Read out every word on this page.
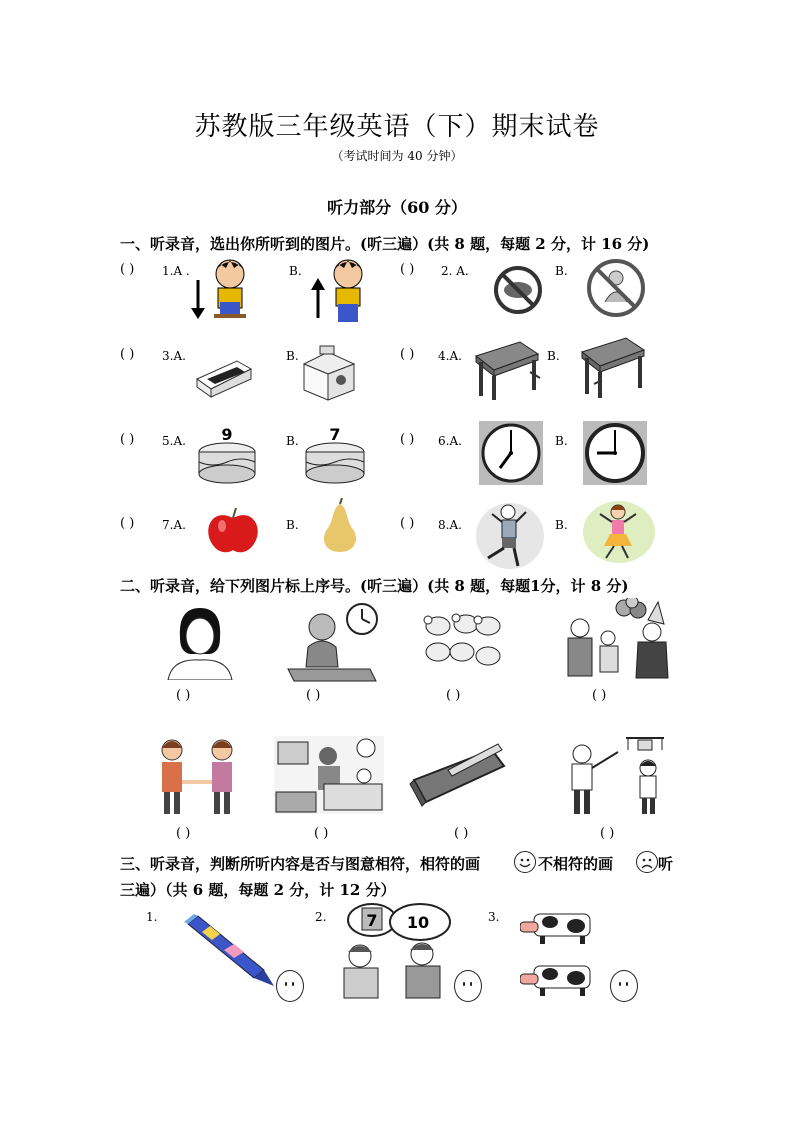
苏教版三年级英语（下）期末试卷
（考试时间为 40 分钟）
听力部分（60 分）
一、听录音，选出你所听到的图片。(听三遍）(共 8 题，每题 2 分，计 16 分)
( ) 1.A .	B.	( ) 2. A.	B.
( ) 3.A.	B.	( ) 4.A.	B.
( ) 5.A. 9	B. 7	( ) 6.A.	B.
( ) 7.A.	B.	( ) 8.A.	B.
二、听录音，给下列图片标上序号。(听三遍）(共 8 题，每题1分，计 8 分)
( )	( )	( )	( )
( )	( )	( )	( )
三、听录音，判断所听内容是否与图意相符，相符的画	不相符的画	听
三遍）（共 6 题，每题 2 分，计 12 分）
1.	2. 7 10	3.
